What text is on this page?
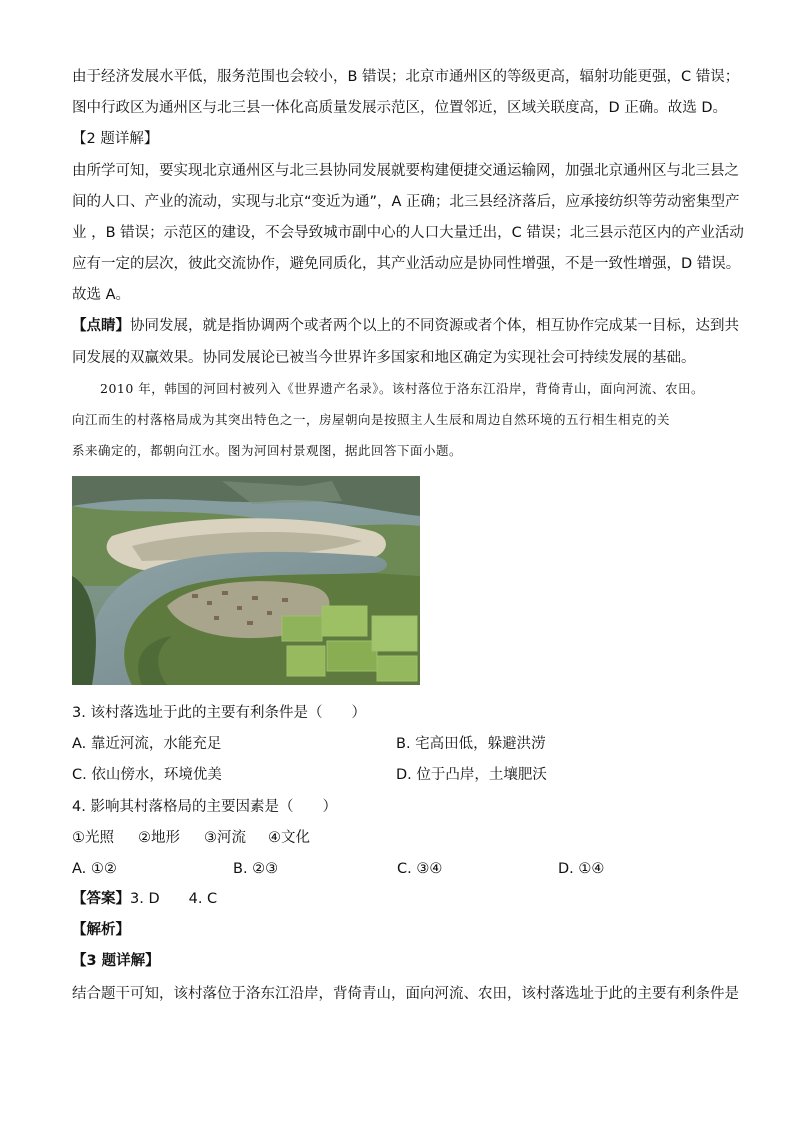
由于经济发展水平低，服务范围也会较小，B 错误；北京市通州区的等级更高，辐射功能更强，C 错误；
图中行政区为通州区与北三县一体化高质量发展示范区，位置邻近，区域关联度高，D 正确。故选 D。
【2 题详解】
由所学可知，要实现北京通州区与北三县协同发展就要构建便捷交通运输网，加强北京通州区与北三县之
间的人口、产业的流动，实现与北京“变近为通”，A 正确；北三县经济落后，应承接纺织等劳动密集型产
业 ，B 错误；示范区的建设，不会导致城市副中心的人口大量迁出，C 错误；北三县示范区内的产业活动
应有一定的层次，彼此交流协作，避免同质化，其产业活动应是协同性增强，不是一致性增强，D 错误。
故选 A。
【点睛】协同发展，就是指协调两个或者两个以上的不同资源或者个体，相互协作完成某一目标，达到共
同发展的双赢效果。协同发展论已被当今世界许多国家和地区确定为实现社会可持续发展的基础。
2010 年，韩国的河回村被列入《世界遗产名录》。该村落位于洛东江沿岸，背倚青山，面向河流、农田。
向江而生的村落格局成为其突出特色之一，房屋朝向是按照主人生辰和周边自然环境的五行相生相克的关
系来确定的，都朝向江水。图为河回村景观图，据此回答下面小题。
3. 该村落选址于此的主要有利条件是（　　）
A. 靠近河流，水能充足	B. 宅高田低，躲避洪涝
C. 依山傍水，环境优美	D. 位于凸岸，土壤肥沃
4. 影响其村落格局的主要因素是（　　）
①光照	②地形	③河流	④文化
A. ①②	B. ②③	C. ③④	D. ①④
【答案】3. D　　4. C
【解析】
【3 题详解】
结合题干可知，该村落位于洛东江沿岸，背倚青山，面向河流、农田，该村落选址于此的主要有利条件是
